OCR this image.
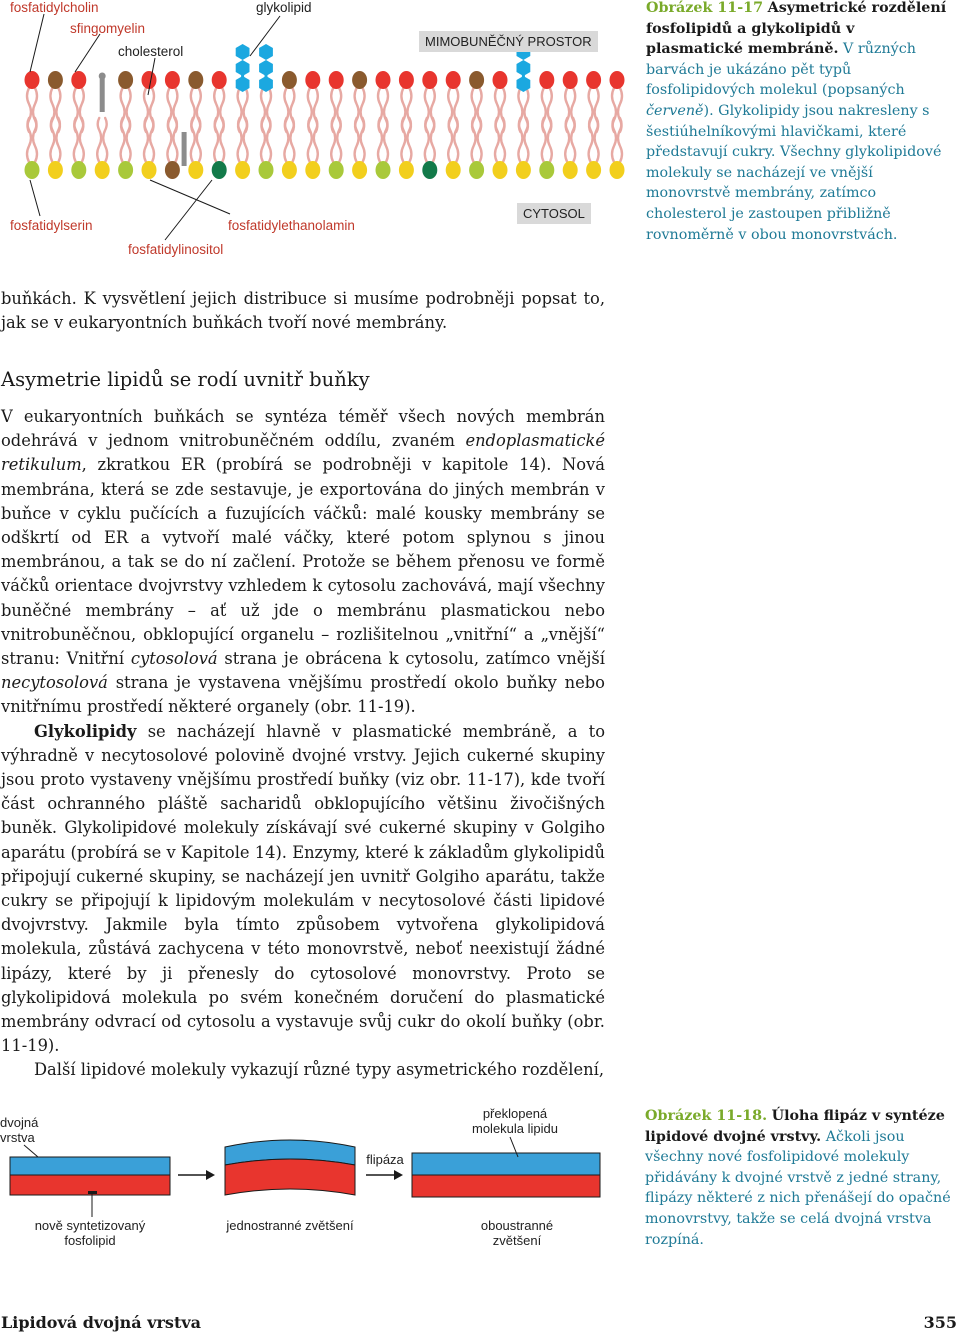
fosfatidylcholin
sfingomyelin
cholesterol
glykolipid
fosfatidylserin
fosfatidylinositol
fosfatidylethanolamin
MIMOBUNĚČNÝ PROSTOR
CYTOSOL
Obrázek 11-17 Asymetrické rozdělení fosfolipidů a glykolipidů v plasmatické membráně. V různých barvách je ukázáno pět typů fosfolipidových molekul (popsaných červeně). Glykolipidy jsou nakresleny s šestiúhelníkovými hlavičkami, které představují cukry. Všechny glykolipidové molekuly se nacházejí ve vnější monovrstvě membrány, zatímco cholesterol je zastoupen přibližně rovnoměrně v obou monovrstvách.

buňkách. K vysvětlení jejich distribuce si musíme podrobněji popsat to, jak se v eukaryontních buňkách tvoří nové membrány.

Asymetrie lipidů se rodí uvnitř buňky

V eukaryontních buňkách se syntéza téměř všech nových membrán odehrává v jednom vnitrobuněčném oddílu, zvaném endoplasmatické retikulum, zkratkou ER (probírá se podrobněji v kapitole 14). Nová membrána, která se zde sestavuje, je exportována do jiných membrán v buňce v cyklu pučících a fuzujících váčků: malé kousky membrány se odškrtí od ER a vytvoří malé váčky, které potom splynou s jinou membránou, a tak se do ní začlení. Protože se během přenosu ve formě váčků orientace dvojvrstvy vzhledem k cytosolu zachovává, mají všechny buněčné membrány – ať už jde o membránu plasmatickou nebo vnitrobuněčnou, obklopující organelu – rozlišitelnou „vnitřní“ a „vnější“ stranu: Vnitřní cytosolová strana je obrácena k cytosolu, zatímco vnější necytosolová strana je vystavena vnějšímu prostředí okolo buňky nebo vnitřnímu prostředí některé organely (obr. 11-19).

Glykolipidy se nacházejí hlavně v plasmatické membráně, a to výhradně v necytosolové polovině dvojné vrstvy. Jejich cukerné skupiny jsou proto vystaveny vnějšímu prostředí buňky (viz obr. 11-17), kde tvoří část ochranného pláště sacharidů obklopujícího většinu živočišných buněk. Glykolipidové molekuly získávají své cukerné skupiny v Golgiho aparátu (probírá se v Kapitole 14). Enzymy, které k základům glykolipidů připojují cukerné skupiny, se nacházejí jen uvnitř Golgiho aparátu, takže cukry se připojují k lipidovým molekulám v necytosolové části lipidové dvojvrstvy. Jakmile byla tímto způsobem vytvořena glykolipidová molekula, zůstává zachycena v této monovrstvě, neboť neexistují žádné lipázy, které by ji přenesly do cytosolové monovrstvy. Proto se glykolipidová molekula po svém konečném doručení do plasmatické membrány odvrací od cytosolu a vystavuje svůj cukr do okolí buňky (obr. 11-19).

Další lipidové molekuly vykazují různé typy asymetrického rozdělení,

dvojná vrstva
nově syntetizovaný fosfolipid
jednostranné zvětšení
flipáza
překlopená molekula lipidu
oboustranné zvětšení
Obrázek 11-18. Úloha flipáz v syntéze lipidové dvojné vrstvy. Ačkoli jsou všechny nové fosfolipidové molekuly přidávány k dvojné vrstvě z jedné strany, flipázy některé z nich přenášejí do opačné monovrstvy, takže se celá dvojná vrstva rozpíná.
Lipidová dvojná vrstva	355
